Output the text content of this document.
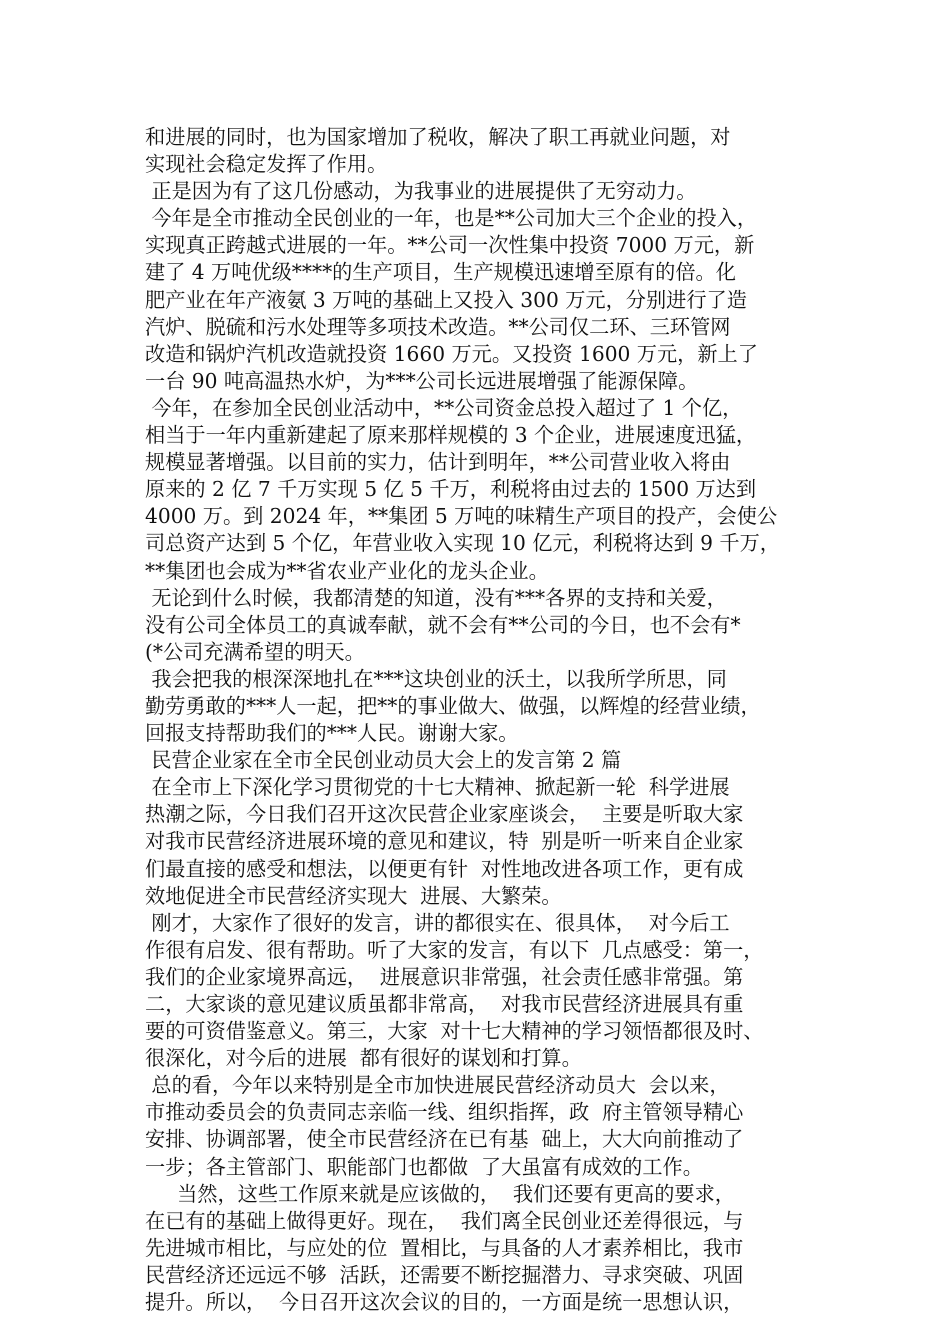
和进展的同时，也为国家增加了税收，解决了职工再就业问题，对
实现社会稳定发挥了作用。
正是因为有了这几份感动，为我事业的进展提供了无穷动力。
今年是全市推动全民创业的一年，也是**公司加大三个企业的投入，
实现真正跨越式进展的一年。**公司一次性集中投资 7000 万元，新
建了 4 万吨优级****的生产项目，生产规模迅速增至原有的倍。化
肥产业在年产液氨 3 万吨的基础上又投入 300 万元，分别进行了造
汽炉、脱硫和污水处理等多项技术改造。**公司仅二环、三环管网
改造和锅炉汽机改造就投资 1660 万元。又投资 1600 万元，新上了
一台 90 吨高温热水炉，为***公司长远进展增强了能源保障。
今年，在参加全民创业活动中，**公司资金总投入超过了 1 个亿，
相当于一年内重新建起了原来那样规模的 3 个企业，进展速度迅猛，
规模显著增强。以目前的实力，估计到明年，**公司营业收入将由
原来的 2 亿 7 千万实现 5 亿 5 千万，利税将由过去的 1500 万达到
4000 万。到 2024 年，**集团 5 万吨的味精生产项目的投产，会使公
司总资产达到 5 个亿，年营业收入实现 10 亿元，利税将达到 9 千万，
**集团也会成为**省农业产业化的龙头企业。
无论到什么时候，我都清楚的知道，没有***各界的支持和关爱，
没有公司全体员工的真诚奉献，就不会有**公司的今日，也不会有*
(*公司充满希望的明天。
我会把我的根深深地扎在***这块创业的沃土，以我所学所思，同
勤劳勇敢的***人一起，把**的事业做大、做强，以辉煌的经营业绩，
回报支持帮助我们的***人民。谢谢大家。
民营企业家在全市全民创业动员大会上的发言第 2 篇
在全市上下深化学习贯彻党的十七大精神、掀起新一轮  科学进展
热潮之际，今日我们召开这次民营企业家座谈会，  主要是听取大家
对我市民营经济进展环境的意见和建议，特  别是听一听来自企业家
们最直接的感受和想法，以便更有针  对性地改进各项工作，更有成
效地促进全市民营经济实现大  进展、大繁荣。
刚才，大家作了很好的发言，讲的都很实在、很具体，  对今后工
作很有启发、很有帮助。听了大家的发言，有以下  几点感受：第一，
我们的企业家境界高远，  进展意识非常强，社会责任感非常强。第
二，大家谈的意见建议质虽都非常高，  对我市民营经济进展具有重
要的可资借鉴意义。第三，大家  对十七大精神的学习领悟都很及时、
很深化，对今后的进展  都有很好的谋划和打算。
总的看，今年以来特别是全市加快进展民营经济动员大  会以来，
市推动委员会的负责同志亲临一线、组织指挥，政  府主管领导精心
安排、协调部署，使全市民营经济在已有基  础上，大大向前推动了
一步；各主管部门、职能部门也都做  了大虽富有成效的工作。
当然，这些工作原来就是应该做的，  我们还要有更高的要求，
在已有的基础上做得更好。现在，  我们离全民创业还差得很远，与
先进城市相比，与应处的位  置相比，与具备的人才素养相比，我市
民营经济还远远不够  活跃，还需要不断挖掘潜力、寻求突破、巩固
提升。所以，  今日召开这次会议的目的，一方面是统一思想认识，
